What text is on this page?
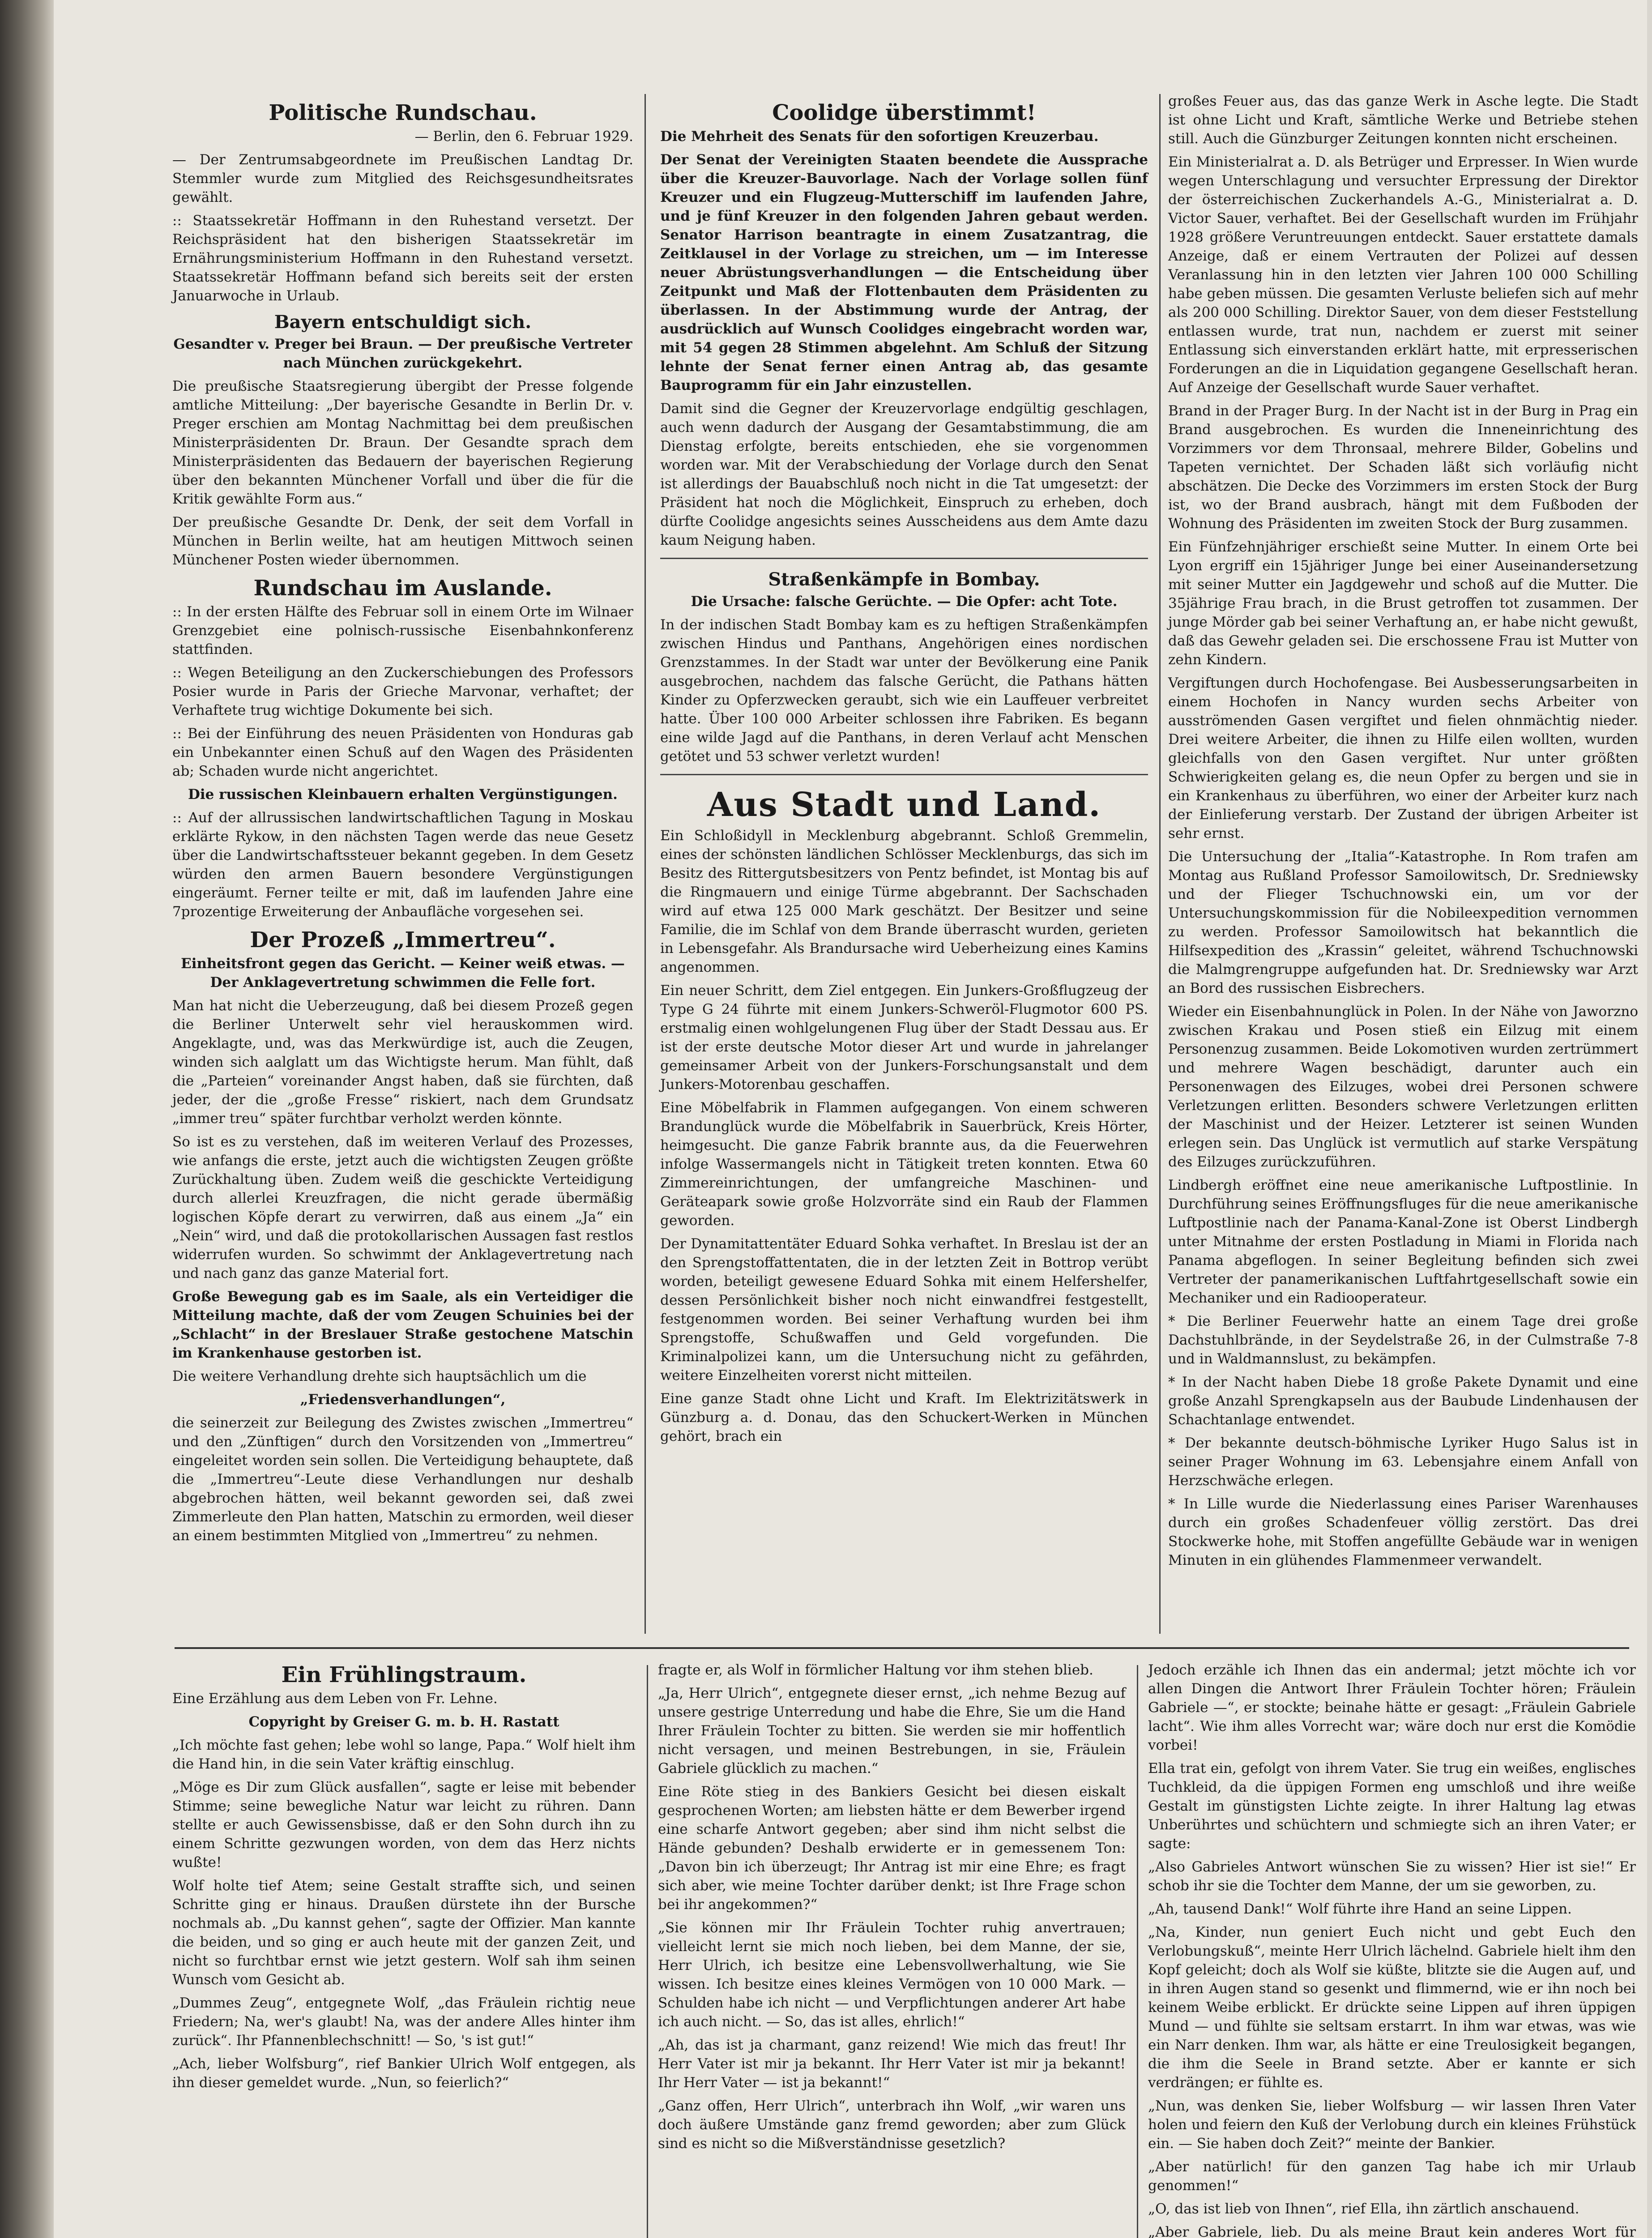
Politische Rundschau.

— Berlin, den 6. Februar 1929.

— Der Zentrumsabgeordnete im Preußischen Landtag Dr. Stemmler wurde zum Mitglied des Reichsgesundheitsrates gewählt.

:: Staatssekretär Hoffmann in den Ruhestand versetzt. Der Reichspräsident hat den bisherigen Staatssekretär im Ernährungsministerium Hoffmann in den Ruhestand versetzt. Staatssekretär Hoffmann befand sich bereits seit der ersten Januarwoche in Urlaub.

Bayern entschuldigt sich.

Gesandter v. Preger bei Braun. — Der preußische Vertreter nach München zurückgekehrt.

Die preußische Staatsregierung übergibt der Presse folgende amtliche Mitteilung: „Der bayerische Gesandte in Berlin Dr. v. Preger erschien am Montag Nachmittag bei dem preußischen Ministerpräsidenten Dr. Braun. Der Gesandte sprach dem Ministerpräsidenten das Bedauern der bayerischen Regierung über den bekannten Münchener Vorfall und über die für die Kritik gewählte Form aus.“

Der preußische Gesandte Dr. Denk, der seit dem Vorfall in München in Berlin weilte, hat am heutigen Mittwoch seinen Münchener Posten wieder übernommen.

Rundschau im Auslande.

:: In der ersten Hälfte des Februar soll in einem Orte im Wilnaer Grenzgebiet eine polnisch-russische Eisenbahnkonferenz stattfinden.

:: Wegen Beteiligung an den Zuckerschiebungen des Professors Posier wurde in Paris der Grieche Marvonar, verhaftet; der Verhaftete trug wichtige Dokumente bei sich.

:: Bei der Einführung des neuen Präsidenten von Honduras gab ein Unbekannter einen Schuß auf den Wagen des Präsidenten ab; Schaden wurde nicht angerichtet.

Die russischen Kleinbauern erhalten Vergünstigungen.

:: Auf der allrussischen landwirtschaftlichen Tagung in Moskau erklärte Rykow, in den nächsten Tagen werde das neue Gesetz über die Landwirtschaftssteuer bekannt gegeben. In dem Gesetz würden den armen Bauern besondere Vergünstigungen eingeräumt. Ferner teilte er mit, daß im laufenden Jahre eine 7prozentige Erweiterung der Anbaufläche vorgesehen sei.

Der Prozeß „Immertreu“.

Einheitsfront gegen das Gericht. — Keiner weiß etwas. — Der Anklagevertretung schwimmen die Felle fort.

Man hat nicht die Ueberzeugung, daß bei diesem Prozeß gegen die Berliner Unterwelt sehr viel herauskommen wird. Angeklagte, und, was das Merkwürdige ist, auch die Zeugen, winden sich aalglatt um das Wichtigste herum. Man fühlt, daß die „Parteien“ voreinander Angst haben, daß sie fürchten, daß jeder, der die „große Fresse“ riskiert, nach dem Grundsatz „immer treu“ später furchtbar verholzt werden könnte.

So ist es zu verstehen, daß im weiteren Verlauf des Prozesses, wie anfangs die erste, jetzt auch die wichtigsten Zeugen größte Zurückhaltung üben. Zudem weiß die geschickte Verteidigung durch allerlei Kreuzfragen, die nicht gerade übermäßig logischen Köpfe derart zu verwirren, daß aus einem „Ja“ ein „Nein“ wird, und daß die protokollarischen Aussagen fast restlos widerrufen wurden. So schwimmt der Anklagevertretung nach und nach ganz das ganze Material fort.

Große Bewegung gab es im Saale, als ein Verteidiger die Mitteilung machte, daß der vom Zeugen Schuinies bei der „Schlacht“ in der Breslauer Straße gestochene Matschin im Krankenhause gestorben ist.

Die weitere Verhandlung drehte sich hauptsächlich um die

„Friedensverhandlungen“,

die seinerzeit zur Beilegung des Zwistes zwischen „Immertreu“ und den „Zünftigen“ durch den Vorsitzenden von „Immertreu“ eingeleitet worden sein sollen. Die Verteidigung behauptete, daß die „Immertreu“-Leute diese Verhandlungen nur deshalb abgebrochen hätten, weil bekannt geworden sei, daß zwei Zimmerleute den Plan hatten, Matschin zu ermorden, weil dieser an einem bestimmten Mitglied von „Immertreu“ zu nehmen.

Coolidge überstimmt!

Die Mehrheit des Senats für den sofortigen Kreuzerbau.

Der Senat der Vereinigten Staaten beendete die Aussprache über die Kreuzer-Bauvorlage. Nach der Vorlage sollen fünf Kreuzer und ein Flugzeug-Mutterschiff im laufenden Jahre, und je fünf Kreuzer in den folgenden Jahren gebaut werden. Senator Harrison beantragte in einem Zusatzantrag, die Zeitklausel in der Vorlage zu streichen, um — im Interesse neuer Abrüstungsverhandlungen — die Entscheidung über Zeitpunkt und Maß der Flottenbauten dem Präsidenten zu überlassen. In der Abstimmung wurde der Antrag, der ausdrücklich auf Wunsch Coolidges eingebracht worden war, mit 54 gegen 28 Stimmen abgelehnt. Am Schluß der Sitzung lehnte der Senat ferner einen Antrag ab, das gesamte Bauprogramm für ein Jahr einzustellen.

Damit sind die Gegner der Kreuzervorlage endgültig geschlagen, auch wenn dadurch der Ausgang der Gesamtabstimmung, die am Dienstag erfolgte, bereits entschieden, ehe sie vorgenommen worden war. Mit der Verabschiedung der Vorlage durch den Senat ist allerdings der Bauabschluß noch nicht in die Tat umgesetzt: der Präsident hat noch die Möglichkeit, Einspruch zu erheben, doch dürfte Coolidge angesichts seines Ausscheidens aus dem Amte dazu kaum Neigung haben.

Straßenkämpfe in Bombay.

Die Ursache: falsche Gerüchte. — Die Opfer: acht Tote.

In der indischen Stadt Bombay kam es zu heftigen Straßenkämpfen zwischen Hindus und Panthans, Angehörigen eines nordischen Grenzstammes. In der Stadt war unter der Bevölkerung eine Panik ausgebrochen, nachdem das falsche Gerücht, die Pathans hätten Kinder zu Opferzwecken geraubt, sich wie ein Lauffeuer verbreitet hatte. Über 100 000 Arbeiter schlossen ihre Fabriken. Es begann eine wilde Jagd auf die Panthans, in deren Verlauf acht Menschen getötet und 53 schwer verletzt wurden!

Aus Stadt und Land.

Ein Schloßidyll in Mecklenburg abgebrannt. Schloß Gremmelin, eines der schönsten ländlichen Schlösser Mecklenburgs, das sich im Besitz des Rittergutsbesitzers von Pentz befindet, ist Montag bis auf die Ringmauern und einige Türme abgebrannt. Der Sachschaden wird auf etwa 125 000 Mark geschätzt. Der Besitzer und seine Familie, die im Schlaf von dem Brande überrascht wurden, gerieten in Lebensgefahr. Als Brandursache wird Ueberheizung eines Kamins angenommen.

Ein neuer Schritt, dem Ziel entgegen. Ein Junkers-Großflugzeug der Type G 24 führte mit einem Junkers-Schweröl-Flugmotor 600 PS. erstmalig einen wohlgelungenen Flug über der Stadt Dessau aus. Er ist der erste deutsche Motor dieser Art und wurde in jahrelanger gemeinsamer Arbeit von der Junkers-Forschungsanstalt und dem Junkers-Motorenbau geschaffen.

Eine Möbelfabrik in Flammen aufgegangen. Von einem schweren Brandunglück wurde die Möbelfabrik in Sauerbrück, Kreis Hörter, heimgesucht. Die ganze Fabrik brannte aus, da die Feuerwehren infolge Wassermangels nicht in Tätigkeit treten konnten. Etwa 60 Zimmereinrichtungen, der umfangreiche Maschinen- und Geräteapark sowie große Holzvorräte sind ein Raub der Flammen geworden.

Der Dynamitattentäter Eduard Sohka verhaftet. In Breslau ist der an den Sprengstoffattentaten, die in der letzten Zeit in Bottrop verübt worden, beteiligt gewesene Eduard Sohka mit einem Helfershelfer, dessen Persönlichkeit bisher noch nicht einwandfrei festgestellt, festgenommen worden. Bei seiner Verhaftung wurden bei ihm Sprengstoffe, Schußwaffen und Geld vorgefunden. Die Kriminalpolizei kann, um die Untersuchung nicht zu gefährden, weitere Einzelheiten vorerst nicht mitteilen.

Eine ganze Stadt ohne Licht und Kraft. Im Elektrizitätswerk in Günzburg a. d. Donau, das den Schuckert-Werken in München gehört, brach ein

großes Feuer aus, das das ganze Werk in Asche legte. Die Stadt ist ohne Licht und Kraft, sämtliche Werke und Betriebe stehen still. Auch die Günzburger Zeitungen konnten nicht erscheinen.

Ein Ministerialrat a. D. als Betrüger und Erpresser. In Wien wurde wegen Unterschlagung und versuchter Erpressung der Direktor der österreichischen Zuckerhandels A.-G., Ministerialrat a. D. Victor Sauer, verhaftet. Bei der Gesellschaft wurden im Frühjahr 1928 größere Veruntreuungen entdeckt. Sauer erstattete damals Anzeige, daß er einem Vertrauten der Polizei auf dessen Veranlassung hin in den letzten vier Jahren 100 000 Schilling habe geben müssen. Die gesamten Verluste beliefen sich auf mehr als 200 000 Schilling. Direktor Sauer, von dem dieser Feststellung entlassen wurde, trat nun, nachdem er zuerst mit seiner Entlassung sich einverstanden erklärt hatte, mit erpresserischen Forderungen an die in Liquidation gegangene Gesellschaft heran. Auf Anzeige der Gesellschaft wurde Sauer verhaftet.

Brand in der Prager Burg. In der Nacht ist in der Burg in Prag ein Brand ausgebrochen. Es wurden die Inneneinrichtung des Vorzimmers vor dem Thronsaal, mehrere Bilder, Gobelins und Tapeten vernichtet. Der Schaden läßt sich vorläufig nicht abschätzen. Die Decke des Vorzimmers im ersten Stock der Burg ist, wo der Brand ausbrach, hängt mit dem Fußboden der Wohnung des Präsidenten im zweiten Stock der Burg zusammen.

Ein Fünfzehnjähriger erschießt seine Mutter. In einem Orte bei Lyon ergriff ein 15jähriger Junge bei einer Auseinandersetzung mit seiner Mutter ein Jagdgewehr und schoß auf die Mutter. Die 35jährige Frau brach, in die Brust getroffen tot zusammen. Der junge Mörder gab bei seiner Verhaftung an, er habe nicht gewußt, daß das Gewehr geladen sei. Die erschossene Frau ist Mutter von zehn Kindern.

Vergiftungen durch Hochofengase. Bei Ausbesserungsarbeiten in einem Hochofen in Nancy wurden sechs Arbeiter von ausströmenden Gasen vergiftet und fielen ohnmächtig nieder. Drei weitere Arbeiter, die ihnen zu Hilfe eilen wollten, wurden gleichfalls von den Gasen vergiftet. Nur unter größten Schwierigkeiten gelang es, die neun Opfer zu bergen und sie in ein Krankenhaus zu überführen, wo einer der Arbeiter kurz nach der Einlieferung verstarb. Der Zustand der übrigen Arbeiter ist sehr ernst.

Die Untersuchung der „Italia“-Katastrophe. In Rom trafen am Montag aus Rußland Professor Samoilowitsch, Dr. Sredniewsky und der Flieger Tschuchnowski ein, um vor der Untersuchungskommission für die Nobileexpedition vernommen zu werden. Professor Samoilowitsch hat bekanntlich die Hilfsexpedition des „Krassin“ geleitet, während Tschuchnowski die Malmgrengruppe aufgefunden hat. Dr. Sredniewsky war Arzt an Bord des russischen Eisbrechers.

Wieder ein Eisenbahnunglück in Polen. In der Nähe von Jaworzno zwischen Krakau und Posen stieß ein Eilzug mit einem Personenzug zusammen. Beide Lokomotiven wurden zertrümmert und mehrere Wagen beschädigt, darunter auch ein Personenwagen des Eilzuges, wobei drei Personen schwere Verletzungen erlitten. Besonders schwere Verletzungen erlitten der Maschinist und der Heizer. Letzterer ist seinen Wunden erlegen sein. Das Unglück ist vermutlich auf starke Verspätung des Eilzuges zurückzuführen.

Lindbergh eröffnet eine neue amerikanische Luftpostlinie. In Durchführung seines Eröffnungsfluges für die neue amerikanische Luftpostlinie nach der Panama-Kanal-Zone ist Oberst Lindbergh unter Mitnahme der ersten Postladung in Miami in Florida nach Panama abgeflogen. In seiner Begleitung befinden sich zwei Vertreter der panamerikanischen Luftfahrtgesellschaft sowie ein Mechaniker und ein Radiooperateur.

* Die Berliner Feuerwehr hatte an einem Tage drei große Dachstuhlbrände, in der Seydelstraße 26, in der Culmstraße 7-8 und in Waldmannslust, zu bekämpfen.

* In der Nacht haben Diebe 18 große Pakete Dynamit und eine große Anzahl Sprengkapseln aus der Baubude Lindenhausen der Schachtanlage entwendet.

* Der bekannte deutsch-böhmische Lyriker Hugo Salus ist in seiner Prager Wohnung im 63. Lebensjahre einem Anfall von Herzschwäche erlegen.

* In Lille wurde die Niederlassung eines Pariser Warenhauses durch ein großes Schadenfeuer völlig zerstört. Das drei Stockwerke hohe, mit Stoffen angefüllte Gebäude war in wenigen Minuten in ein glühendes Flammenmeer verwandelt.

Ein Frühlingstraum.

Eine Erzählung aus dem Leben von Fr. Lehne.

Copyright by Greiser G. m. b. H. Rastatt

„Ich möchte fast gehen; lebe wohl so lange, Papa.“ Wolf hielt ihm die Hand hin, in die sein Vater kräftig einschlug.

„Möge es Dir zum Glück ausfallen“, sagte er leise mit bebender Stimme; seine bewegliche Natur war leicht zu rühren. Dann stellte er auch Gewissensbisse, daß er den Sohn durch ihn zu einem Schritte gezwungen worden, von dem das Herz nichts wußte!

Wolf holte tief Atem; seine Gestalt straffte sich, und seinen Schritte ging er hinaus. Draußen dürstete ihn der Bursche nochmals ab. „Du kannst gehen“, sagte der Offizier. Man kannte die beiden, und so ging er auch heute mit der ganzen Zeit, und nicht so furchtbar ernst wie jetzt gestern. Wolf sah ihm seinen Wunsch vom Gesicht ab.

„Dummes Zeug“, entgegnete Wolf, „das Fräulein richtig neue Friedern; Na, wer's glaubt! Na, was der andere Alles hinter ihm zurück“. Ihr Pfannenblechschnitt! — So, 's ist gut!“

„Ach, lieber Wolfsburg“, rief Bankier Ulrich Wolf entgegen, als ihn dieser gemeldet wurde. „Nun, so feierlich?“

fragte er, als Wolf in förmlicher Haltung vor ihm stehen blieb.

„Ja, Herr Ulrich“, entgegnete dieser ernst, „ich nehme Bezug auf unsere gestrige Unterredung und habe die Ehre, Sie um die Hand Ihrer Fräulein Tochter zu bitten. Sie werden sie mir hoffentlich nicht versagen, und meinen Bestrebungen, in sie, Fräulein Gabriele glücklich zu machen.“

Eine Röte stieg in des Bankiers Gesicht bei diesen eiskalt gesprochenen Worten; am liebsten hätte er dem Bewerber irgend eine scharfe Antwort gegeben; aber sind ihm nicht selbst die Hände gebunden? Deshalb erwiderte er in gemessenem Ton: „Davon bin ich überzeugt; Ihr Antrag ist mir eine Ehre; es fragt sich aber, wie meine Tochter darüber denkt; ist Ihre Frage schon bei ihr angekommen?“

„Sie können mir Ihr Fräulein Tochter ruhig anvertrauen; vielleicht lernt sie mich noch lieben, bei dem Manne, der sie, Herr Ulrich, ich besitze eine Lebensvollwerhaltung, wie Sie wissen. Ich besitze eines kleines Vermögen von 10 000 Mark. — Schulden habe ich nicht — und Verpflichtungen anderer Art habe ich auch nicht. — So, das ist alles, ehrlich!“

„Ah, das ist ja charmant, ganz reizend! Wie mich das freut! Ihr Herr Vater ist mir ja bekannt. Ihr Herr Vater ist mir ja bekannt! Ihr Herr Vater — ist ja bekannt!“

„Ganz offen, Herr Ulrich“, unterbrach ihn Wolf, „wir waren uns doch äußere Umstände ganz fremd geworden; aber zum Glück sind es nicht so die Mißverständnisse gesetzlich?

Jedoch erzähle ich Ihnen das ein andermal; jetzt möchte ich vor allen Dingen die Antwort Ihrer Fräulein Tochter hören; Fräulein Gabriele —“, er stockte; beinahe hätte er gesagt: „Fräulein Gabriele lacht“. Wie ihm alles Vorrecht war; wäre doch nur erst die Komödie vorbei!

Ella trat ein, gefolgt von ihrem Vater. Sie trug ein weißes, englisches Tuchkleid, da die üppigen Formen eng umschloß und ihre weiße Gestalt im günstigsten Lichte zeigte. In ihrer Haltung lag etwas Unberührtes und schüchtern und schmiegte sich an ihren Vater; er sagte:

„Also Gabrieles Antwort wünschen Sie zu wissen? Hier ist sie!“ Er schob ihr sie die Tochter dem Manne, der um sie geworben, zu.

„Ah, tausend Dank!“ Wolf führte ihre Hand an seine Lippen.

„Na, Kinder, nun geniert Euch nicht und gebt Euch den Verlobungskuß“, meinte Herr Ulrich lächelnd. Gabriele hielt ihm den Kopf geleicht; doch als Wolf sie küßte, blitzte sie die Augen auf, und in ihren Augen stand so gesenkt und flimmernd, wie er ihn noch bei keinem Weibe erblickt. Er drückte seine Lippen auf ihren üppigen Mund — und fühlte sie seltsam erstarrt. In ihm war etwas, was wie ein Narr denken. Ihm war, als hätte er eine Treulosigkeit begangen, die ihm die Seele in Brand setzte. Aber er kannte er sich verdrängen; er fühlte es.

„Nun, was denken Sie, lieber Wolfsburg — wir lassen Ihren Vater holen und feiern den Kuß der Verlobung durch ein kleines Frühstück ein. — Sie haben doch Zeit?“ meinte der Bankier.

„Aber natürlich! für den ganzen Tag habe ich mir Urlaub genommen!“

„O, das ist lieb von Ihnen“, rief Ella, ihn zärtlich anschauend.

„Aber Gabriele, lieb. Du als meine Braut kein anderes Wort für
